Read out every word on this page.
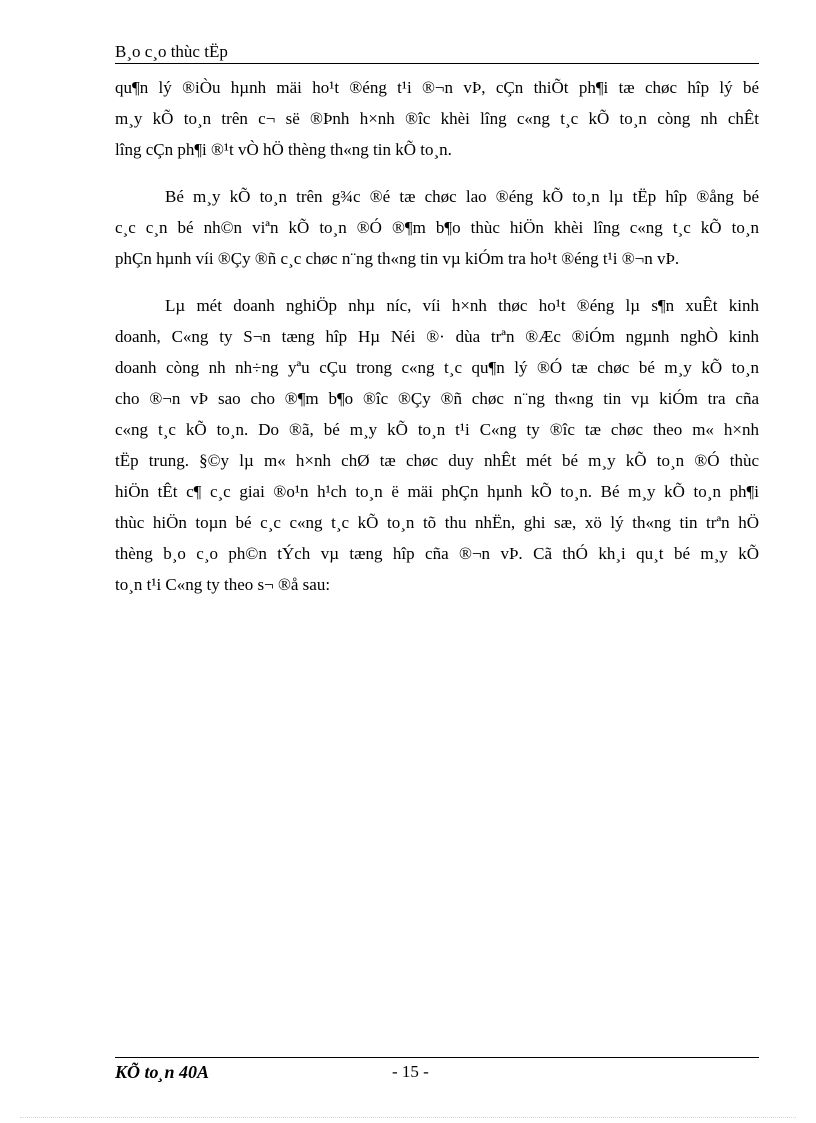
B¸o c¸o thùc tËp
qu¶n lý ®iÒu hµnh mäi ho¹t ®éng t¹i ®¬n vÞ, cÇn thiÕt ph¶i tæ chøc hîp lý bé
m¸y kÕ to¸n trên c¬ së ®Þnh h×nh ®îc khèi lîng c«ng t¸c kÕ to¸n còng nh chÊt
lîng cÇn ph¶i ®¹t vÒ hÖ thèng th«ng tin kÕ to¸n.
Bé m¸y kÕ to¸n trên g¾c ®é tæ chøc lao ®éng kÕ to¸n lµ tËp hîp ®ång bé
c¸c c¸n bé nh©n viªn kÕ to¸n ®Ó ®¶m b¶o thùc hiÖn khèi lîng c«ng t¸c kÕ to¸n
phÇn hµnh víi ®Çy ®ñ c¸c chøc n¨ng th«ng tin vµ kiÓm tra ho¹t ®éng t¹i ®¬n vÞ.
Lµ mét doanh nghiÖp nhµ níc, víi h×nh thøc ho¹t ®éng lµ s¶n xuÊt kinh
doanh, C«ng ty S¬n tæng hîp Hµ Néi ®· dùa trªn ®Æc ®iÓm ngµnh nghÒ kinh
doanh còng nh nh÷ng yªu cÇu trong c«ng t¸c qu¶n lý ®Ó tæ chøc bé m¸y kÕ to¸n
cho ®¬n vÞ sao cho ®¶m b¶o ®îc ®Çy ®ñ chøc n¨ng th«ng tin vµ kiÓm tra cña
c«ng t¸c kÕ to¸n. Do ®ã, bé m¸y kÕ to¸n t¹i C«ng ty ®îc tæ chøc theo m« h×nh
tËp trung. §©y lµ m« h×nh chØ tæ chøc duy nhÊt mét bé m¸y kÕ to¸n ®Ó thùc
hiÖn tÊt c¶ c¸c giai ®o¹n h¹ch to¸n ë mäi phÇn hµnh kÕ to¸n. Bé m¸y kÕ to¸n ph¶i
thùc hiÖn toµn bé c¸c c«ng t¸c kÕ to¸n tõ thu nhËn, ghi sæ, xö lý th«ng tin trªn hÖ
thèng b¸o c¸o ph©n tÝch vµ tæng hîp cña ®¬n vÞ. Cã thÓ kh¸i qu¸t bé m¸y kÕ
to¸n t¹i C«ng ty theo s¬ ®å sau:
KÕ to¸n 40A	- 15 -
